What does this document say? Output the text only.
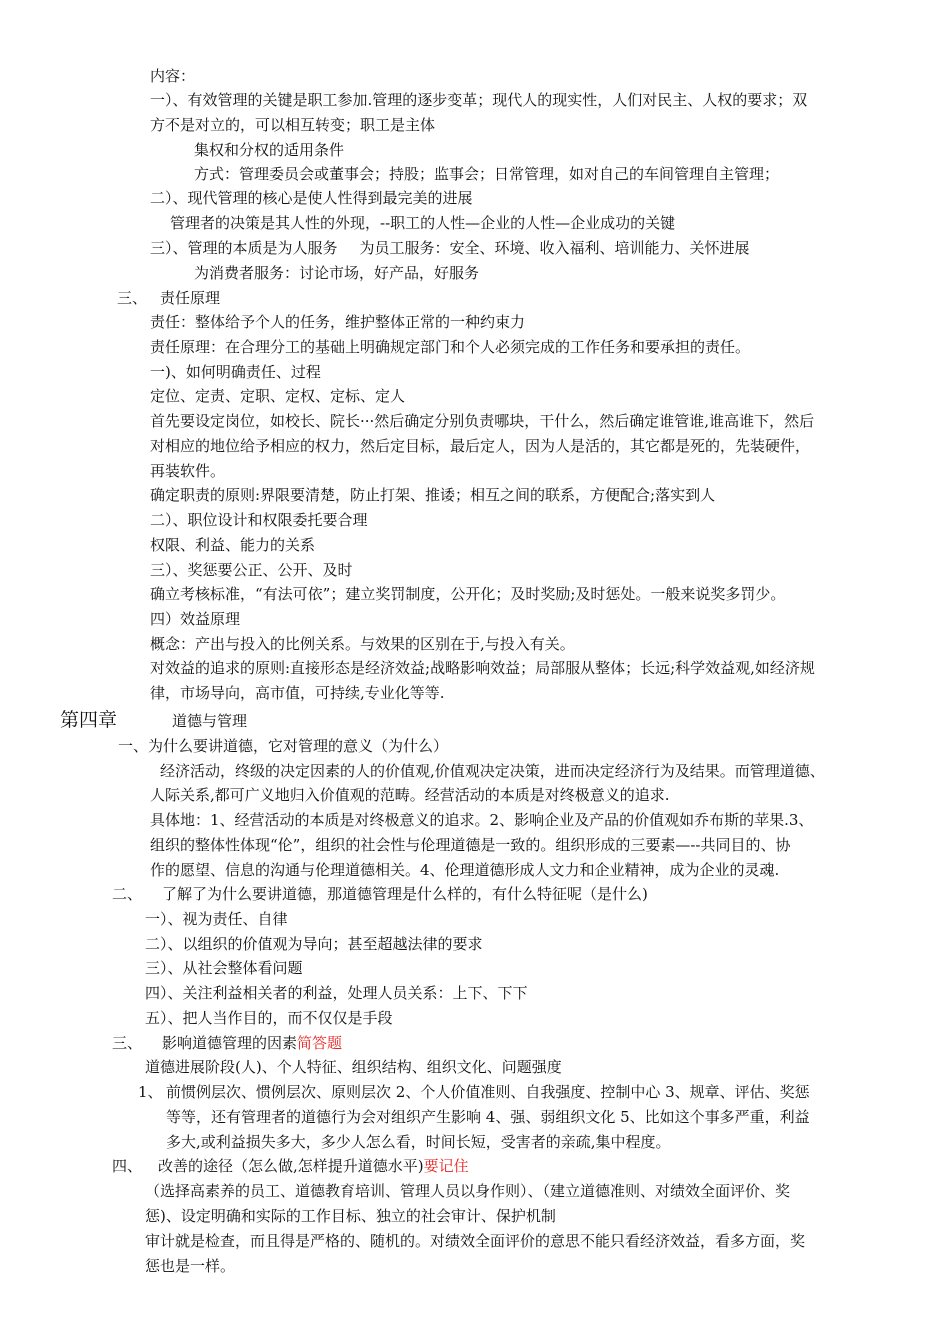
内容：
一）、有效管理的关键是职工参加.管理的逐步变革；现代人的现实性，人们对民主、人权的要求；双
方不是对立的，可以相互转变；职工是主体
集权和分权的适用条件
方式：管理委员会或董事会；持股；监事会；日常管理，如对自己的车间管理自主管理；
二）、现代管理的核心是使人性得到最完美的进展
管理者的决策是其人性的外现，--职工的人性—企业的人性—企业成功的关键
三）、管理的本质是为人服务 为员工服务：安全、环境、收入福利、培训能力、关怀进展
为消费者服务：讨论市场，好产品，好服务
三、 责任原理
责任：整体给予个人的任务，维护整体正常的一种约束力
责任原理：在合理分工的基础上明确规定部门和个人必须完成的工作任务和要承担的责任。
一)、如何明确责任、过程
定位、定责、定职、定权、定标、定人
首先要设定岗位，如校长、院长···然后确定分别负责哪块，干什么，然后确定谁管谁,谁高谁下，然后
对相应的地位给予相应的权力，然后定目标，最后定人，因为人是活的，其它都是死的，先装硬件，
再装软件。
确定职责的原则:界限要清楚，防止打架、推诿；相互之间的联系，方便配合;落实到人
二）、职位设计和权限委托要合理
权限、利益、能力的关系
三）、奖惩要公正、公开、及时
确立考核标准，“有法可依”；建立奖罚制度，公开化；及时奖励;及时惩处。一般来说奖多罚少。
四）效益原理
概念：产出与投入的比例关系。与效果的区别在于,与投入有关。
对效益的追求的原则:直接形态是经济效益;战略影响效益；局部服从整体；长远;科学效益观,如经济规
律，市场导向，高市值，可持续,专业化等等.
第四章	道德与管理
一、为什么要讲道德，它对管理的意义（为什么）
经济活动，终级的决定因素的人的价值观,价值观决定决策，进而决定经济行为及结果。而管理道德、
人际关系,都可广义地归入价值观的范畴。经营活动的本质是对终极意义的追求.
具体地：1、经营活动的本质是对终极意义的追求。2、影响企业及产品的价值观如乔布斯的苹果.3、
组织的整体性体现“伦”，组织的社会性与伦理道德是一致的。组织形成的三要素—--共同目的、协
作的愿望、信息的沟通与伦理道德相关。4、伦理道德形成人文力和企业精神，成为企业的灵魂.
二、 了解了为什么要讲道德，那道德管理是什么样的，有什么特征呢（是什么)
一）、视为责任、自律
二）、以组织的价值观为导向；甚至超越法律的要求
三）、从社会整体看问题
四）、关注利益相关者的利益，处理人员关系：上下、下下
五）、把人当作目的，而不仅仅是手段
三、 影响道德管理的因素简答题
道德进展阶段(人)、个人特征、组织结构、组织文化、问题强度
1、 前惯例层次、惯例层次、原则层次 2、个人价值准则、自我强度、控制中心 3、规章、评估、奖惩
等等，还有管理者的道德行为会对组织产生影响 4、强、弱组织文化 5、比如这个事多严重，利益
多大,或利益损失多大，多少人怎么看，时间长短，受害者的亲疏,集中程度。
四、 改善的途径（怎么做,怎样提升道德水平)要记住
（选择高素养的员工、道德教育培训、管理人员以身作则）、（建立道德准则、对绩效全面评价、奖
惩)、设定明确和实际的工作目标、独立的社会审计、保护机制
审计就是检查，而且得是严格的、随机的。对绩效全面评价的意思不能只看经济效益，看多方面，奖
惩也是一样。
